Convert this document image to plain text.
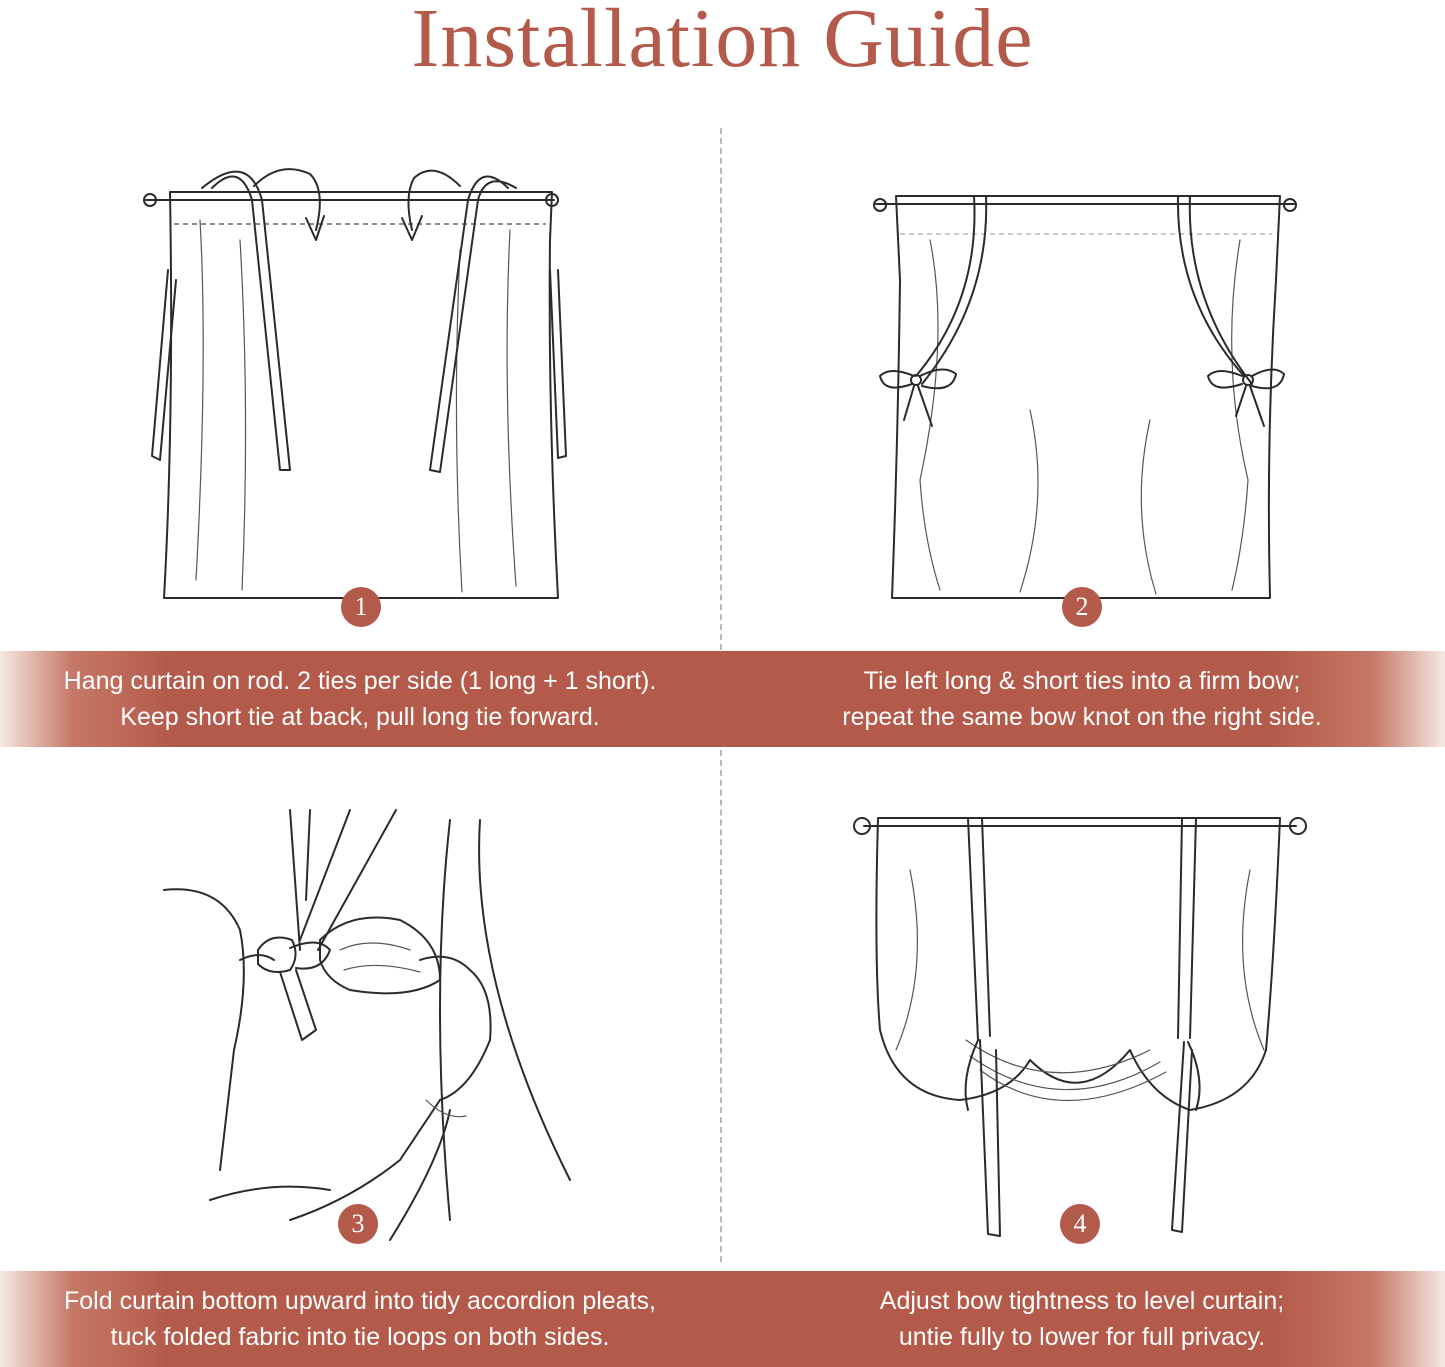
Installation Guide
1	2
Hang curtain on rod. 2 ties per side (1 long + 1 short).
Keep short tie at back, pull long tie forward.
Tie left long & short ties into a firm bow;
repeat the same bow knot on the right side.
3	4
Fold curtain bottom upward into tidy accordion pleats,
tuck folded fabric into tie loops on both sides.
Adjust bow tightness to level curtain;
untie fully to lower for full privacy.
